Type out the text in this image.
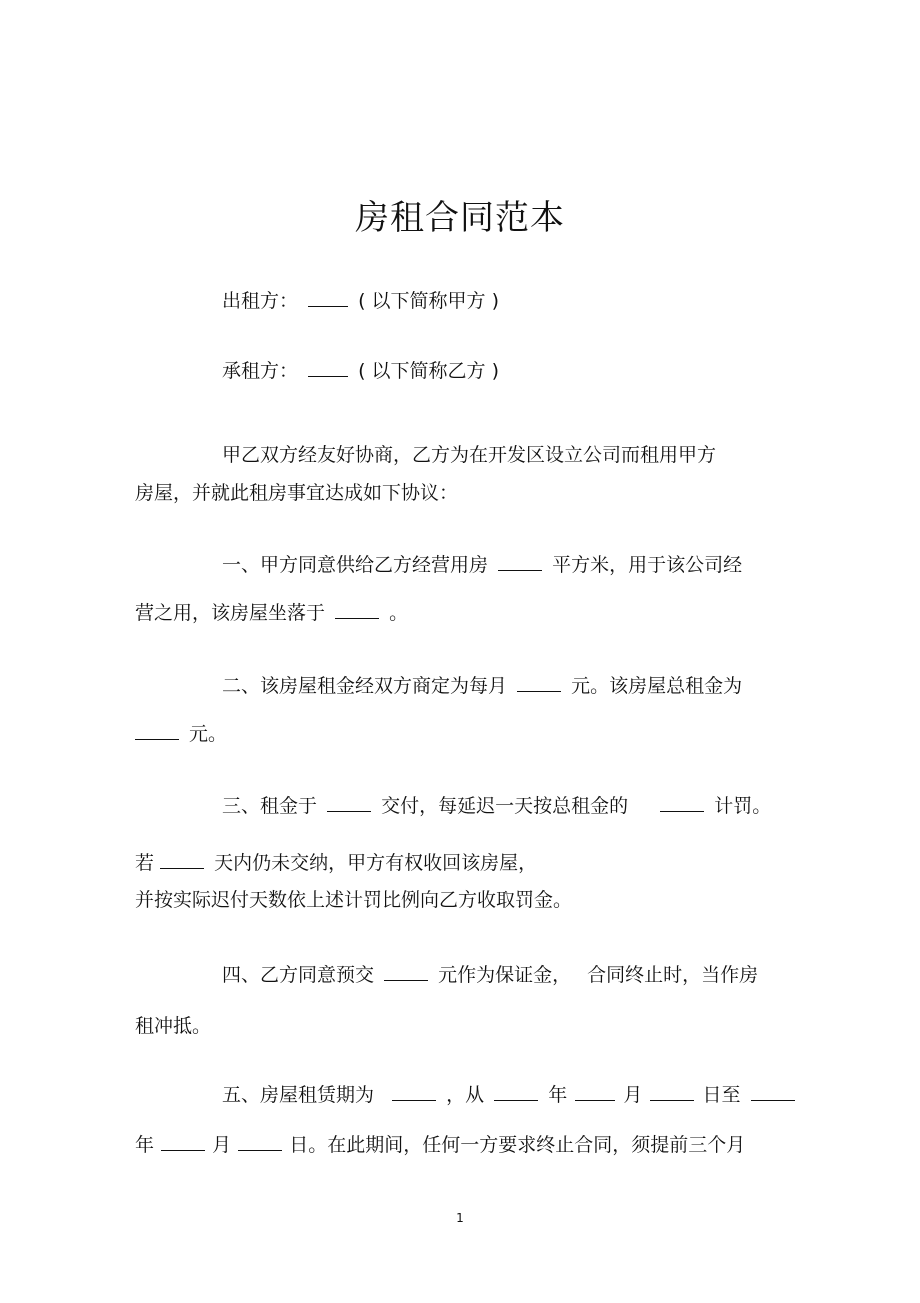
房租合同范本
出租方：	( 以下简称甲方 )
承租方：	( 以下简称乙方 )
甲乙双方经友好协商，乙方为在开发区设立公司而租用甲方
房屋，并就此租房事宜达成如下协议：
一、甲方同意供给乙方经营用房	平方米，用于该公司经
营之用，该房屋坐落于	。
二、该房屋租金经双方商定为每月	元。该房屋总租金为
元。
三、租金于	交付，每延迟一天按总租金的	计罚。
若	天内仍未交纳，甲方有权收回该房屋，
并按实际迟付天数依上述计罚比例向乙方收取罚金。
四、乙方同意预交	元作为保证金， 合同终止时，当作房
租冲抵。
五、房屋租赁期为	，从	年	月	日至
年	月	日。在此期间，任何一方要求终止合同，须提前三个月
1
